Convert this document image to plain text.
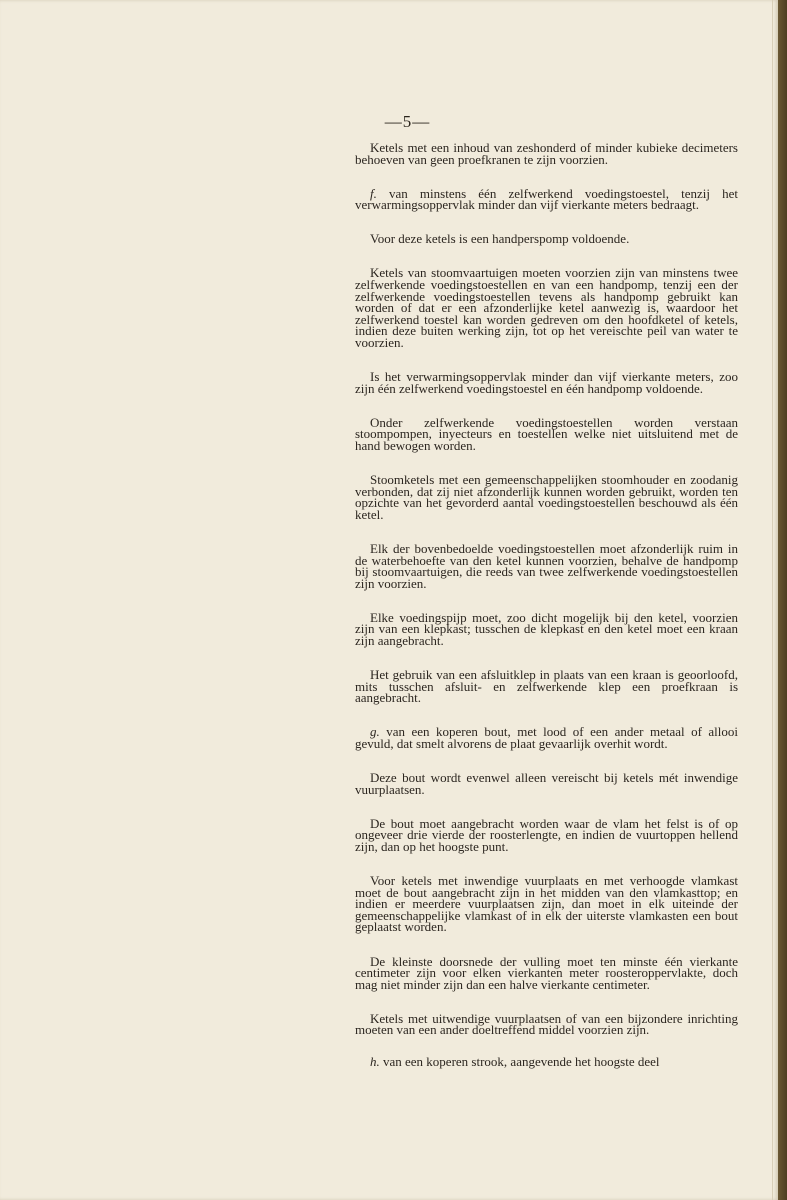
—5—

Ketels met een inhoud van zeshonderd of minder kubieke decimeters behoeven van geen proefkranen te zijn voorzien.

f. van minstens één zelfwerkend voedingstoestel, tenzij het verwarmingsoppervlak minder dan vijf vierkante meters bedraagt.

Voor deze ketels is een handperspomp voldoende.

Ketels van stoomvaartuigen moeten voorzien zijn van minstens twee zelfwerkende voedingstoestellen en van een handpomp, tenzij een der zelfwerkende voedingstoestellen tevens als handpomp gebruikt kan worden of dat er een afzonderlijke ketel aanwezig is, waardoor het zelfwerkend toestel kan worden gedreven om den hoofdketel of ketels, indien deze buiten werking zijn, tot op het vereischte peil van water te voorzien.

Is het verwarmingsoppervlak minder dan vijf vierkante meters, zoo zijn één zelfwerkend voedingstoestel en één handpomp voldoende.

Onder zelfwerkende voedingstoestellen worden verstaan stoompompen, inyecteurs en toestellen welke niet uitsluitend met de hand bewogen worden.

Stoomketels met een gemeenschappelijken stoomhouder en zoodanig verbonden, dat zij niet afzonderlijk kunnen worden gebruikt, worden ten opzichte van het gevorderd aantal voedingstoestellen beschouwd als één ketel.

Elk der bovenbedoelde voedingstoestellen moet afzonderlijk ruim in de waterbehoefte van den ketel kunnen voorzien, behalve de handpomp bij stoomvaartuigen, die reeds van twee zelfwerkende voedingstoestellen zijn voorzien.

Elke voedingspijp moet, zoo dicht mogelijk bij den ketel, voorzien zijn van een klepkast; tusschen de klepkast en den ketel moet een kraan zijn aangebracht.

Het gebruik van een afsluitklep in plaats van een kraan is geoorloofd, mits tusschen afsluit- en zelfwerkende klep een proefkraan is aangebracht.

g. van een koperen bout, met lood of een ander metaal of allooi gevuld, dat smelt alvorens de plaat gevaarlijk overhit wordt.

Deze bout wordt evenwel alleen vereischt bij ketels mét inwendige vuurplaatsen.

De bout moet aangebracht worden waar de vlam het felst is of op ongeveer drie vierde der roosterlengte, en indien de vuurtoppen hellend zijn, dan op het hoogste punt.

Voor ketels met inwendige vuurplaats en met verhoogde vlamkast moet de bout aangebracht zijn in het midden van den vlamkasttop; en indien er meerdere vuurplaatsen zijn, dan moet in elk uiteinde der gemeenschappelijke vlamkast of in elk der uiterste vlamkasten een bout geplaatst worden.

De kleinste doorsnede der vulling moet ten minste één vierkante centimeter zijn voor elken vierkanten meter roosteroppervlakte, doch mag niet minder zijn dan een halve vierkante centimeter.

Ketels met uitwendige vuurplaatsen of van een bijzondere inrichting moeten van een ander doeltreffend middel voorzien zijn.

h. van een koperen strook, aangevende het hoogste deel
